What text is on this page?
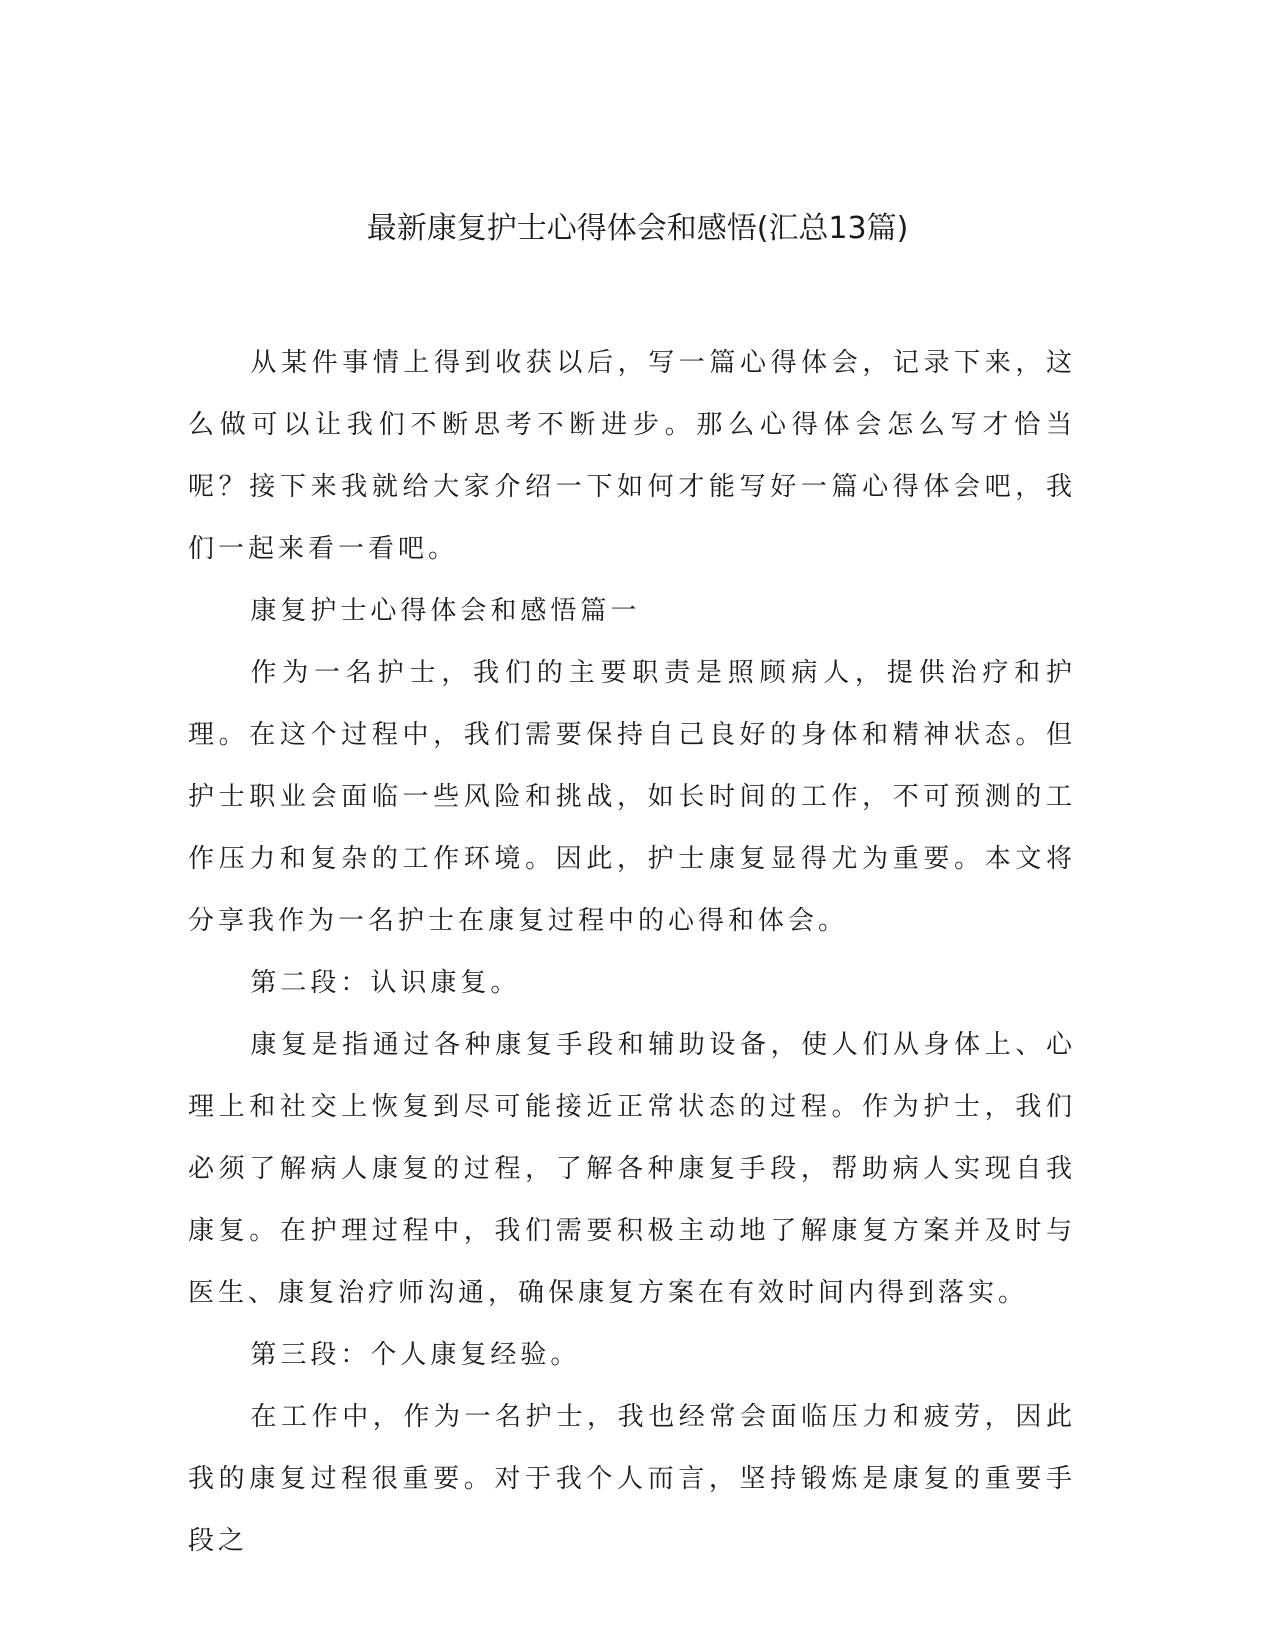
最新康复护士心得体会和感悟(汇总13篇)

从某件事情上得到收获以后，写一篇心得体会，记录下来，这么做可以让我们不断思考不断进步。那么心得体会怎么写才恰当呢？接下来我就给大家介绍一下如何才能写好一篇心得体会吧，我们一起来看一看吧。

康复护士心得体会和感悟篇一

作为一名护士，我们的主要职责是照顾病人，提供治疗和护理。在这个过程中，我们需要保持自己良好的身体和精神状态。但护士职业会面临一些风险和挑战，如长时间的工作，不可预测的工作压力和复杂的工作环境。因此，护士康复显得尤为重要。本文将分享我作为一名护士在康复过程中的心得和体会。

第二段：认识康复。

康复是指通过各种康复手段和辅助设备，使人们从身体上、心理上和社交上恢复到尽可能接近正常状态的过程。作为护士，我们必须了解病人康复的过程，了解各种康复手段，帮助病人实现自我康复。在护理过程中，我们需要积极主动地了解康复方案并及时与医生、康复治疗师沟通，确保康复方案在有效时间内得到落实。

第三段：个人康复经验。

在工作中，作为一名护士，我也经常会面临压力和疲劳，因此我的康复过程很重要。对于我个人而言，坚持锻炼是康复的重要手段之
